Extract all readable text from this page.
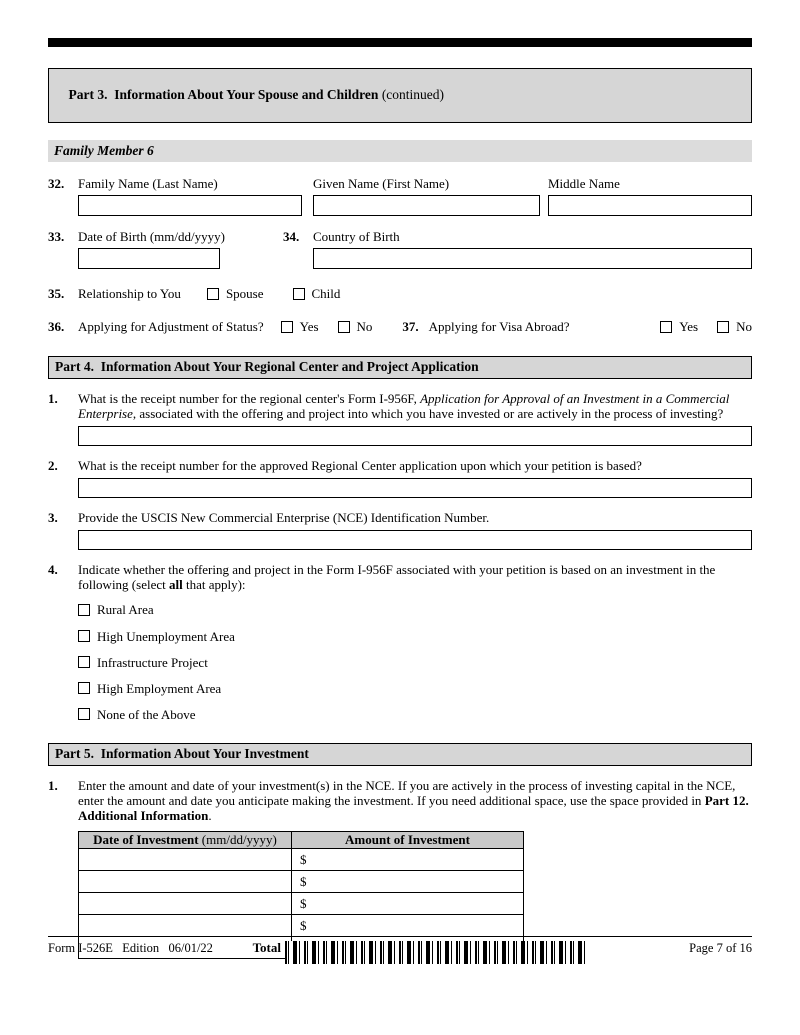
Part 3.  Information About Your Spouse and Children (continued)

Family Member 6
32.	Family Name (Last Name)	Given Name (First Name)	Middle Name
33.	Date of Birth (mm/dd/yyyy)	34.	Country of Birth
35.	Relationship to You	Spouse	Child
36.	Applying for Adjustment of Status?	Yes	No 37. Applying for Visa Abroad?	Yes	No
Part 4.  Information About Your Regional Center and Project Application
1.	What is the receipt number for the regional center's Form I-956F, Application for Approval of an Investment in a Commercial Enterprise, associated with the offering and project into which you have invested or are actively in the process of investing?
2.	What is the receipt number for the approved Regional Center application upon which your petition is based?
3.	Provide the USCIS New Commercial Enterprise (NCE) Identification Number.
4.	Indicate whether the offering and project in the Form I-956F associated with your petition is based on an investment in the following (select all that apply):
Rural Area
High Unemployment Area
Infrastructure Project
High Employment Area
None of the Above
Part 5.  Information About Your Investment
1.	Enter the amount and date of your investment(s) in the NCE. If you are actively in the process of investing capital in the NCE, enter the amount and date you anticipate making the investment. If you need additional space, use the space provided in Part 12. Additional Information.
Date of Investment (mm/dd/yyyy)	Amount of Investment
	$
	$
	$
	$
Total	
Form I-526E   Edition   06/01/22	Page 7 of 16
